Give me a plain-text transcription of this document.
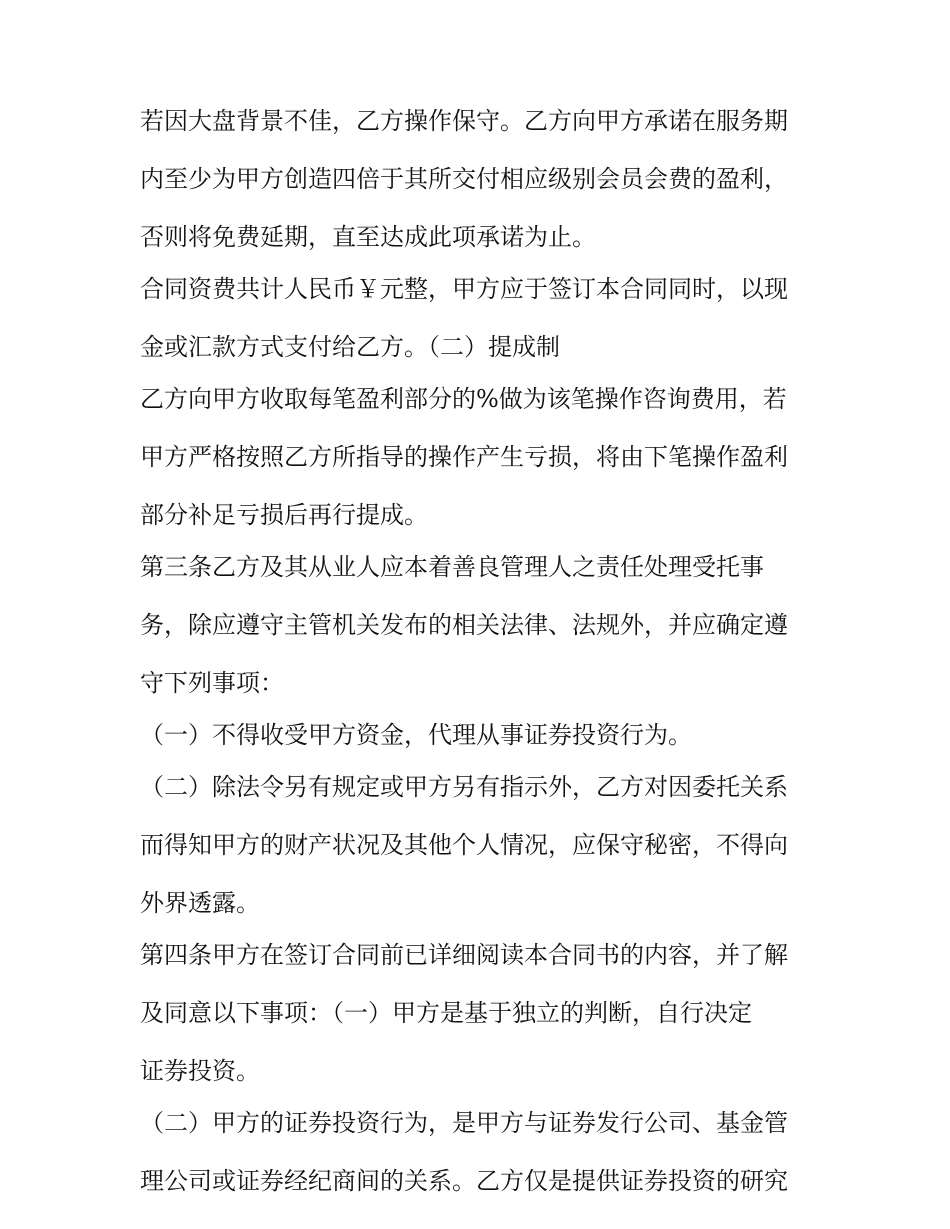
若因大盘背景不佳，乙方操作保守。乙方向甲方承诺在服务期
内至少为甲方创造四倍于其所交付相应级别会员会费的盈利，
否则将免费延期，直至达成此项承诺为止。
合同资费共计人民币￥元整，甲方应于签订本合同同时，以现
金或汇款方式支付给乙方。（二）提成制
乙方向甲方收取每笔盈利部分的%做为该笔操作咨询费用，若
甲方严格按照乙方所指导的操作产生亏损，将由下笔操作盈利
部分补足亏损后再行提成。
第三条乙方及其从业人应本着善良管理人之责任处理受托事
务，除应遵守主管机关发布的相关法律、法规外，并应确定遵
守下列事项：
（一）不得收受甲方资金，代理从事证券投资行为。
（二）除法令另有规定或甲方另有指示外，乙方对因委托关系
而得知甲方的财产状况及其他个人情况，应保守秘密，不得向
外界透露。
第四条甲方在签订合同前已详细阅读本合同书的内容，并了解
及同意以下事项：（一）甲方是基于独立的判断，自行决定
证券投资。
（二）甲方的证券投资行为，是甲方与证券发行公司、基金管
理公司或证券经纪商间的关系。乙方仅是提供证券投资的研究
